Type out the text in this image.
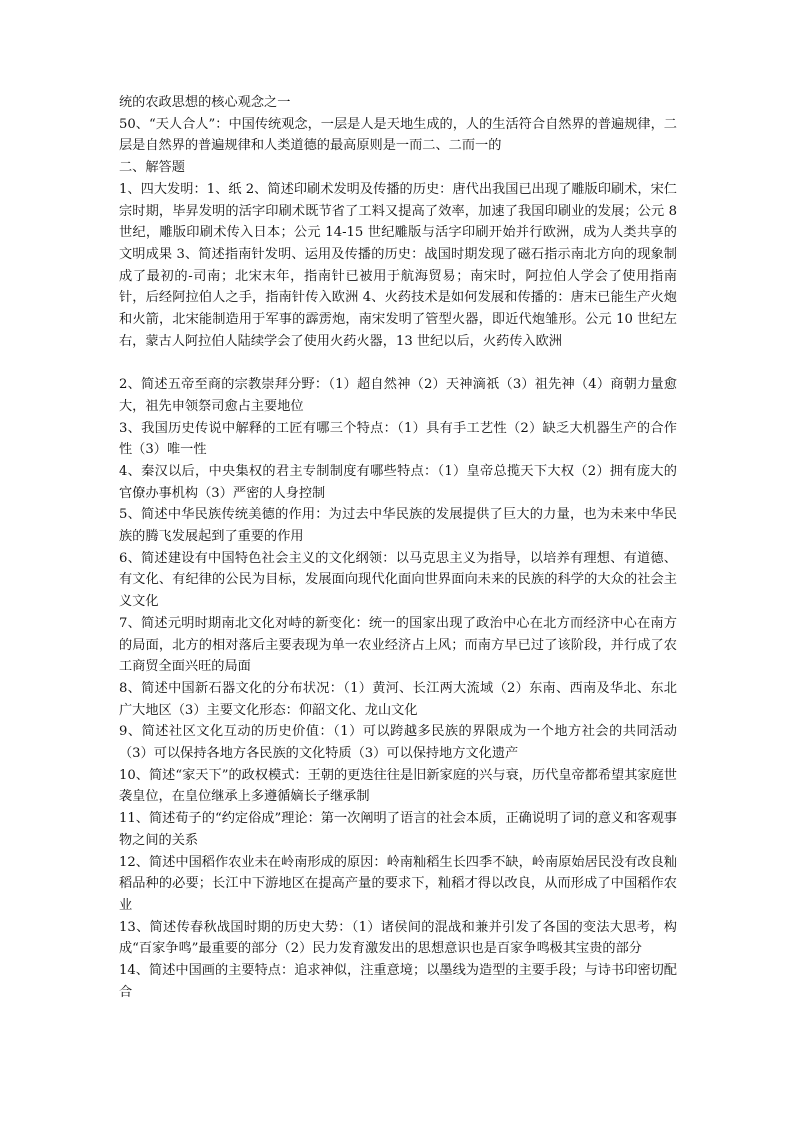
统的农政思想的核心观念之一

50、“天人合人”：中国传统观念，一层是人是天地生成的，人的生活符合自然界的普遍规律，二层是自然界的普遍规律和人类道德的最高原则是一而二、二而一的

二、解答题

1、四大发明：1、纸 2、简述印刷术发明及传播的历史：唐代出我国已出现了雕版印刷术，宋仁宗时期，毕昇发明的活字印刷术既节省了工料又提高了效率，加速了我国印刷业的发展；公元 8 世纪，雕版印刷术传入日本；公元 14-15 世纪雕版与活字印刷开始并行欧洲，成为人类共享的文明成果 3、简述指南针发明、运用及传播的历史：战国时期发现了磁石指示南北方向的现象制成了最初的-司南；北宋末年，指南针已被用于航海贸易；南宋时，阿拉伯人学会了使用指南针，后经阿拉伯人之手，指南针传入欧洲 4、火药技术是如何发展和传播的：唐末已能生产火炮和火箭，北宋能制造用于军事的霹雳炮，南宋发明了管型火器，即近代炮雏形。公元 10 世纪左右，蒙古人阿拉伯人陆续学会了使用火药火器，13 世纪以后，火药传入欧洲

2、简述五帝至商的宗教崇拜分野：（1）超自然神（2）天神滴祇（3）祖先神（4）商朝力量愈大，祖先申领祭司愈占主要地位

3、我国历史传说中解释的工匠有哪三个特点：（1）具有手工艺性（2）缺乏大机器生产的合作性（3）唯一性

4、秦汉以后，中央集权的君主专制制度有哪些特点：（1）皇帝总揽天下大权（2）拥有庞大的官僚办事机构（3）严密的人身控制

5、简述中华民族传统美德的作用：为过去中华民族的发展提供了巨大的力量，也为未来中华民族的腾飞发展起到了重要的作用

6、简述建设有中国特色社会主义的文化纲领：以马克思主义为指导，以培养有理想、有道德、有文化、有纪律的公民为目标，发展面向现代化面向世界面向未来的民族的科学的大众的社会主义文化

7、简述元明时期南北文化对峙的新变化：统一的国家出现了政治中心在北方而经济中心在南方的局面，北方的相对落后主要表现为单一农业经济占上风；而南方早已过了该阶段，并行成了农工商贸全面兴旺的局面

8、简述中国新石器文化的分布状况：（1）黄河、长江两大流域（2）东南、西南及华北、东北广大地区（3）主要文化形态：仰韶文化、龙山文化

9、简述社区文化互动的历史价值：（1）可以跨越多民族的界限成为一个地方社会的共同活动（3）可以保持各地方各民族的文化特质（3）可以保持地方文化遗产

10、简述“家天下”的政权模式：王朝的更迭往往是旧新家庭的兴与衰，历代皇帝都希望其家庭世袭皇位，在皇位继承上多遵循嫡长子继承制

11、简述荀子的“约定俗成”理论：第一次阐明了语言的社会本质，正确说明了词的意义和客观事物之间的关系

12、简述中国稻作农业未在岭南形成的原因：岭南籼稻生长四季不缺，岭南原始居民没有改良籼稻品种的必要；长江中下游地区在提高产量的要求下，籼稻才得以改良，从而形成了中国稻作农业

13、简述传春秋战国时期的历史大势：（1）诸侯间的混战和兼并引发了各国的变法大思考，构成“百家争鸣”最重要的部分（2）民力发育激发出的思想意识也是百家争鸣极其宝贵的部分

14、简述中国画的主要特点：追求神似，注重意境；以墨线为造型的主要手段；与诗书印密切配合
